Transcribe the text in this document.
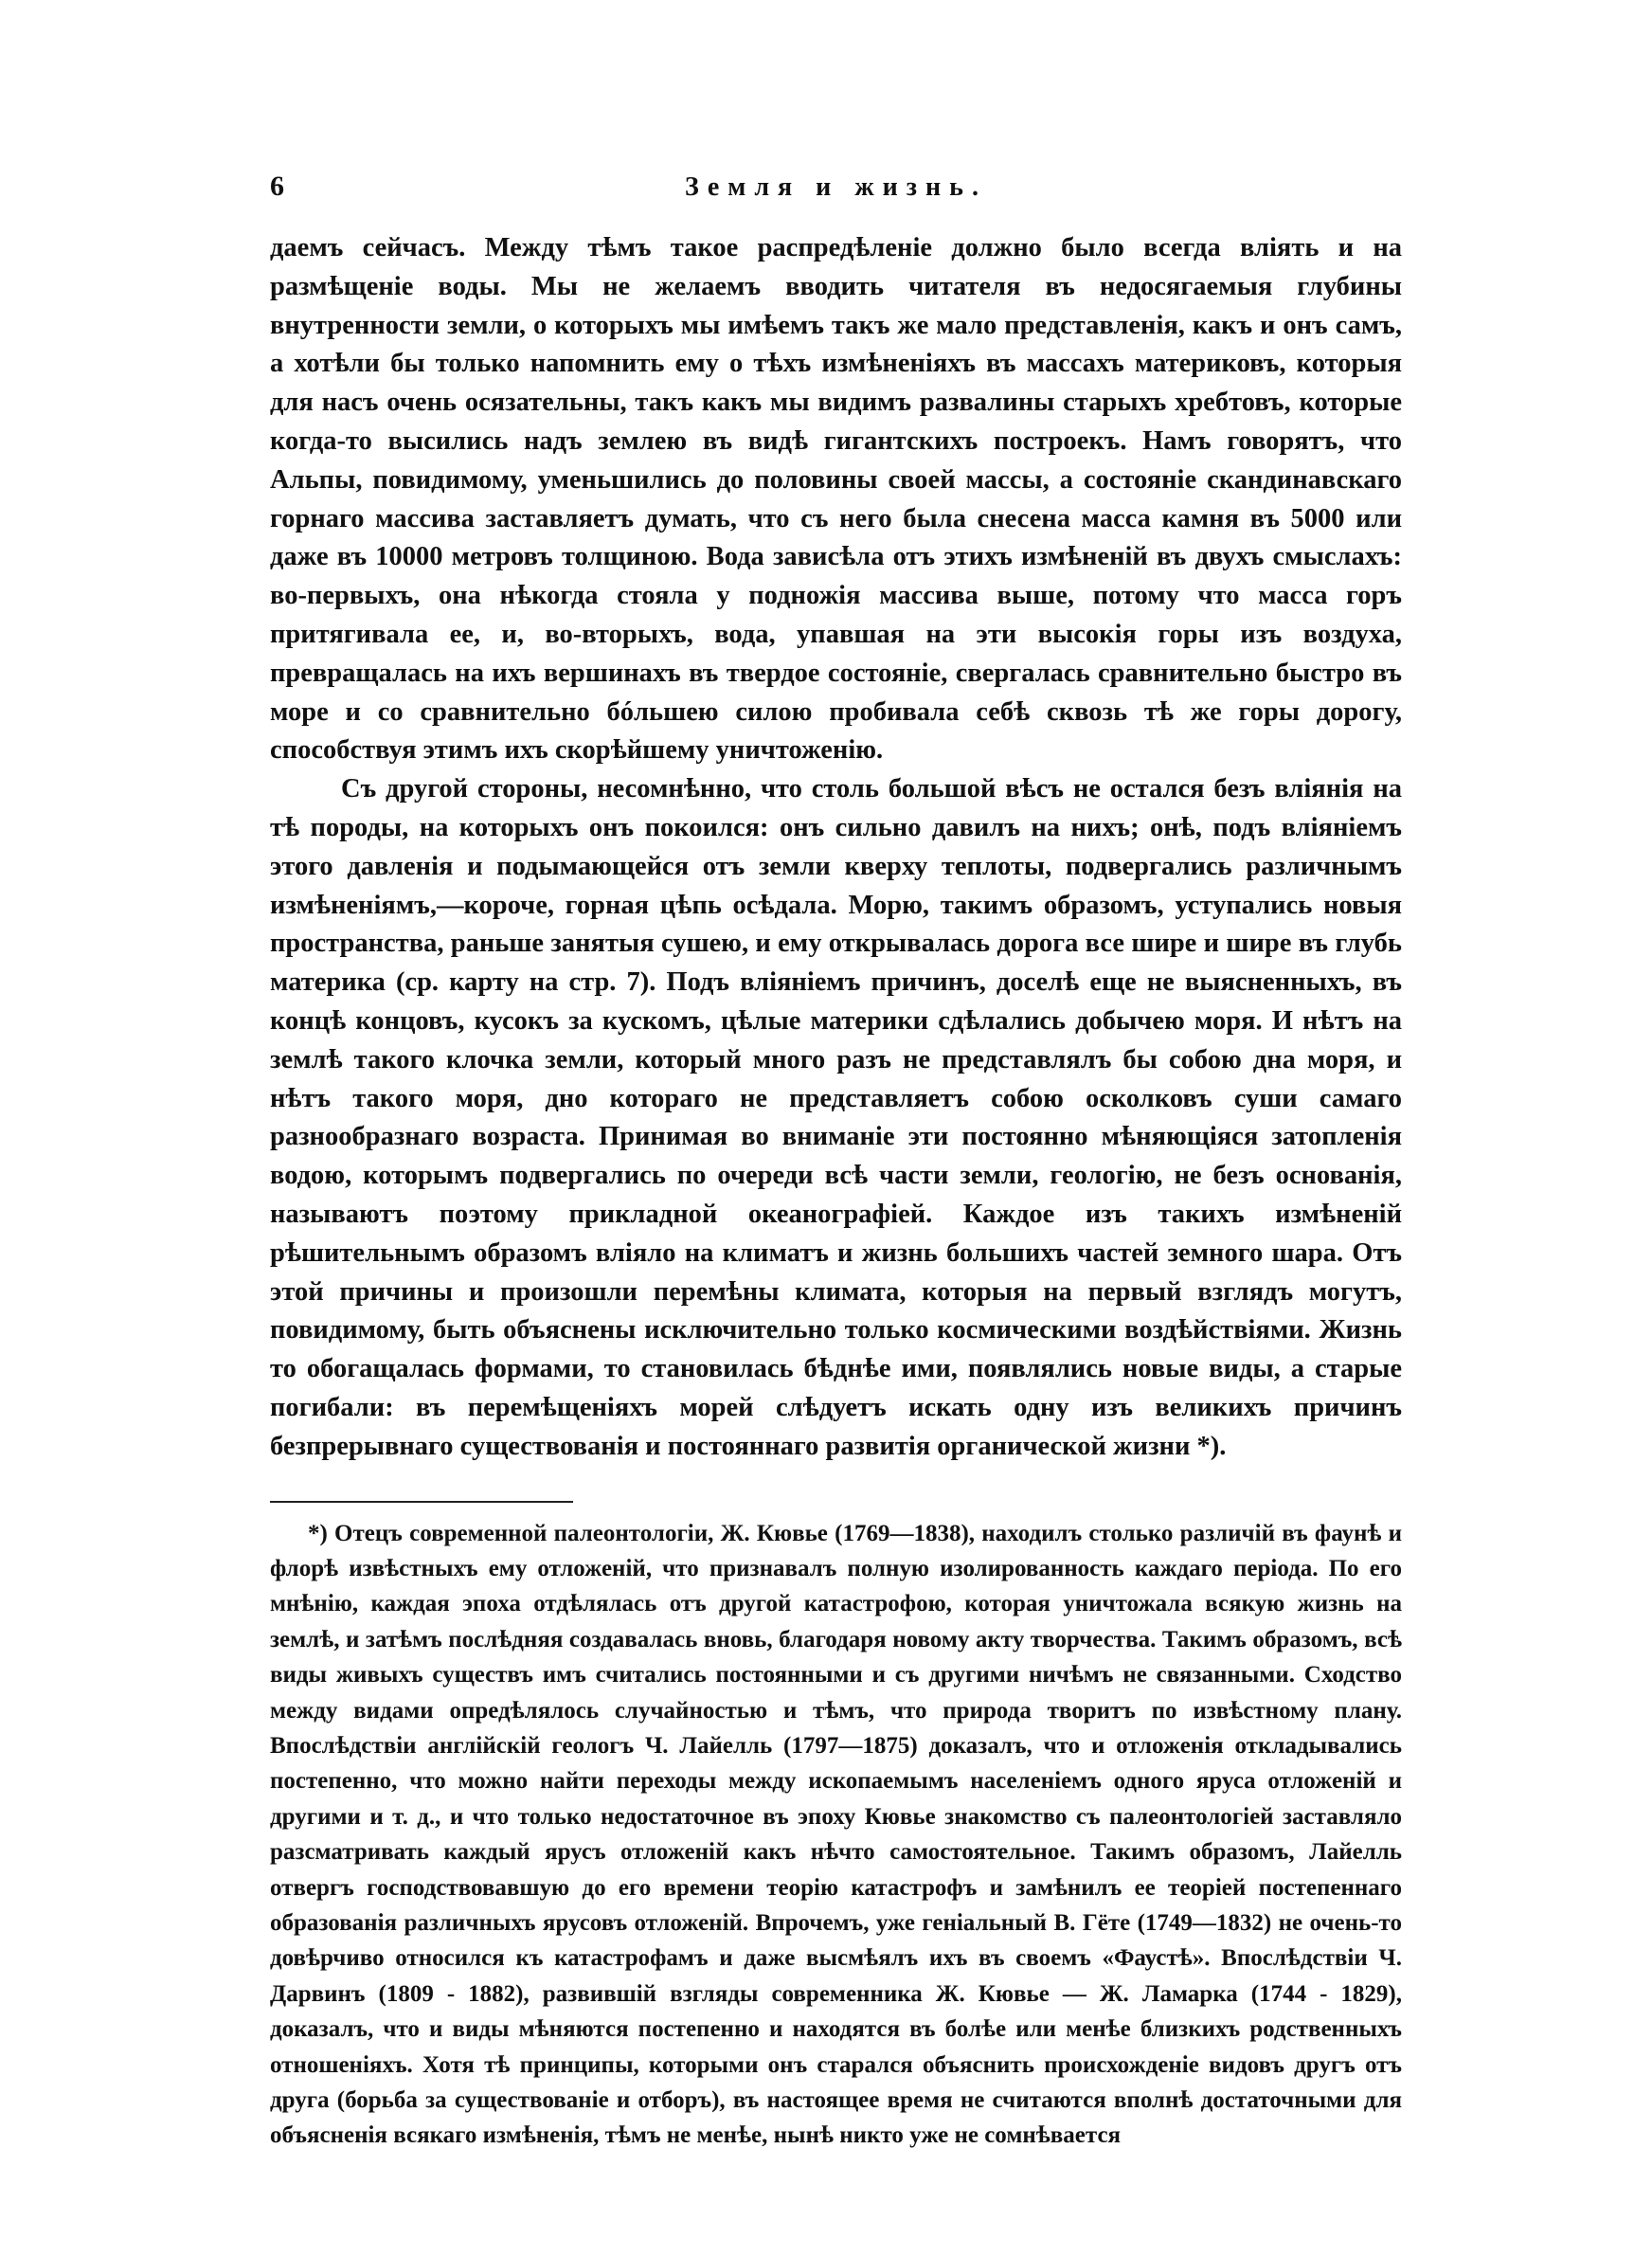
6	Земля и жизнь.

даемъ сейчасъ. Между тѣмъ такое распредѣленіе должно было всегда вліять и на размѣщеніе воды. Мы не желаемъ вводить читателя въ недосягаемыя глубины внутренности земли, о которыхъ мы имѣемъ такъ же мало представленія, какъ и онъ самъ, а хотѣли бы только напомнить ему о тѣхъ измѣненіяхъ въ массахъ материковъ, которыя для насъ очень осязательны, такъ какъ мы видимъ развалины старыхъ хребтовъ, которые когда-то высились надъ землею въ видѣ гигантскихъ построекъ. Намъ говорятъ, что Альпы, повидимому, уменьшились до половины своей массы, а состояніе скандинавскаго горнаго массива заставляетъ думать, что съ него была снесена масса камня въ 5000 или даже въ 10000 метровъ толщиною. Вода зависѣла отъ этихъ измѣненій въ двухъ смыслахъ: во-первыхъ, она нѣкогда стояла у подножія массива выше, потому что масса горъ притягивала ее, и, во-вторыхъ, вода, упавшая на эти высокія горы изъ воздуха, превращалась на ихъ вершинахъ въ твердое состояніе, свергалась сравнительно быстро въ море и со сравнительно бóльшею силою пробивала себѣ сквозь тѣ же горы дорогу, способствуя этимъ ихъ скорѣйшему уничтоженію.

Съ другой стороны, несомнѣнно, что столь большой вѣсъ не остался безъ вліянія на тѣ породы, на которыхъ онъ покоился: онъ сильно давилъ на нихъ; онѣ, подъ вліяніемъ этого давленія и подымающейся отъ земли кверху теплоты, подвергались различнымъ измѣненіямъ,—короче, горная цѣпь осѣдала. Морю, такимъ образомъ, уступались новыя пространства, раньше занятыя сушею, и ему открывалась дорога все шире и шире въ глубь материка (ср. карту на стр. 7). Подъ вліяніемъ причинъ, доселѣ еще не выясненныхъ, въ концѣ концовъ, кусокъ за кускомъ, цѣлые материки сдѣлались добычею моря. И нѣтъ на землѣ такого клочка земли, который много разъ не представлялъ бы собою дна моря, и нѣтъ такого моря, дно котораго не представляетъ собою осколковъ суши самаго разнообразнаго возраста. Принимая во вниманіе эти постоянно мѣняющіяся затопленія водою, которымъ подвергались по очереди всѣ части земли, геологію, не безъ основанія, называютъ поэтому прикладной океанографіей. Каждое изъ такихъ измѣненій рѣшительнымъ образомъ вліяло на климатъ и жизнь большихъ частей земного шара. Отъ этой причины и произошли перемѣны климата, которыя на первый взглядъ могутъ, повидимому, быть объяснены исключительно только космическими воздѣйствіями. Жизнь то обогащалась формами, то становилась бѣднѣе ими, появлялись новые виды, а старые погибали: въ перемѣщеніяхъ морей слѣдуетъ искать одну изъ великихъ причинъ безпрерывнаго существованія и постояннаго развитія органической жизни *).

*) Отецъ современной палеонтологіи, Ж. Кювье (1769—1838), находилъ столько различій въ фаунѣ и флорѣ извѣстныхъ ему отложеній, что признавалъ полную изолированность каждаго періода. По его мнѣнію, каждая эпоха отдѣлялась отъ другой катастрофою, которая уничтожала всякую жизнь на землѣ, и затѣмъ послѣдняя создавалась вновь, благодаря новому акту творчества. Такимъ образомъ, всѣ виды живыхъ существъ имъ считались постоянными и съ другими ничѣмъ не связанными. Сходство между видами опредѣлялось случайностью и тѣмъ, что природа творитъ по извѣстному плану. Впослѣдствіи англійскій геологъ Ч. Лайелль (1797—1875) доказалъ, что и отложенія откладывались постепенно, что можно найти переходы между ископаемымъ населеніемъ одного яруса отложеній и другими и т. д., и что только недостаточное въ эпоху Кювье знакомство съ палеонтологіей заставляло разсматривать каждый ярусъ отложеній какъ нѣчто самостоятельное. Такимъ образомъ, Лайелль отвергъ господствовавшую до его времени теорію катастрофъ и замѣнилъ ее теоріей постепеннаго образованія различныхъ ярусовъ отложеній. Впрочемъ, уже геніальный В. Гёте (1749—1832) не очень-то довѣрчиво относился къ катастрофамъ и даже высмѣялъ ихъ въ своемъ «Фаустѣ». Впослѣдствіи Ч. Дарвинъ (1809 - 1882), развившій взгляды современника Ж. Кювье — Ж. Ламарка (1744 - 1829), доказалъ, что и виды мѣняются постепенно и находятся въ болѣе или менѣе близкихъ родственныхъ отношеніяхъ. Хотя тѣ принципы, которыми онъ старался объяснить происхожденіе видовъ другъ отъ друга (борьба за существованіе и отборъ), въ настоящее время не считаются вполнѣ достаточными для объясненія всякаго измѣненія, тѣмъ не менѣе, нынѣ никто уже не сомнѣвается
